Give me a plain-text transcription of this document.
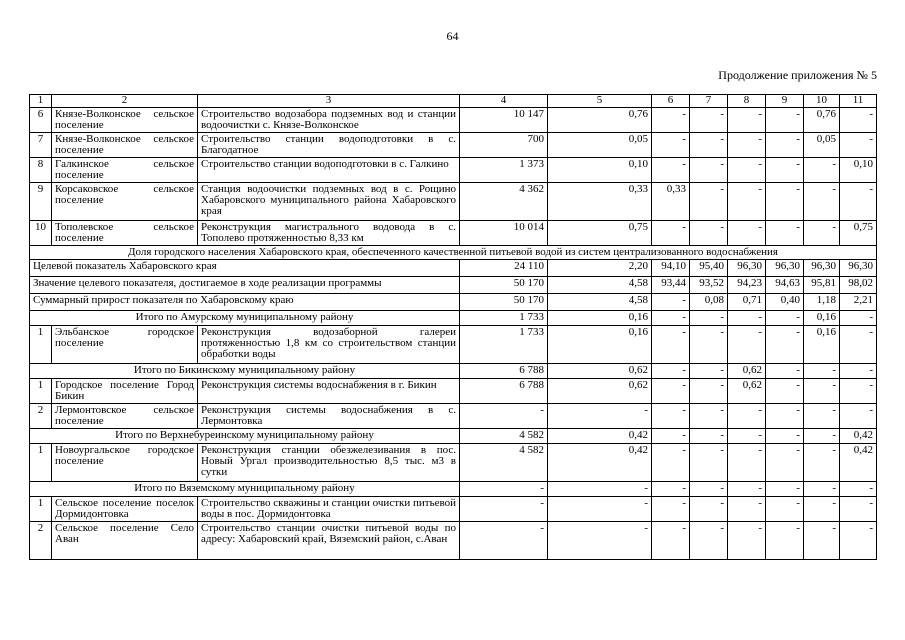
64
Продолжение приложения № 5
1	2	3	4	5	6	7	8	9	10	11
6	Князе-Волконское сельское поселение	Строительство водозабора подземных вод и станции водоочистки с. Князе-Волконское	10 147	0,76	-	-	-	-	0,76	-
7	Князе-Волконское сельское поселение	Строительство станции водоподготовки в с. Благодатное	700	0,05	-	-	-	-	0,05	-
8	Галкинское сельское поселение	Строительство станции водоподготовки в с. Галкино	1 373	0,10	-	-	-	-	-	0,10
9	Корсаковское сельское поселение	Станция водоочистки подземных вод в с. Рощино Хабаровского муниципального района Хабаровского края	4 362	0,33	0,33	-	-	-	-	-
10	Тополевское сельское поселение	Реконструкция магистрального водовода в с. Тополево протяженностью 8,33 км	10 014	0,75	-	-	-	-	-	0,75
Доля городского населения Хабаровского края, обеспеченного качественной питьевой водой из систем централизованного водоснабжения										
Целевой показатель Хабаровского края			24 110	2,20	94,10	95,40	96,30	96,30	96,30	96,30
Значение целевого показателя, достигаемое в ходе реализации программы			50 170	4,58	93,44	93,52	94,23	94,63	95,81	98,02
Суммарный прирост показателя по Хабаровскому краю			50 170	4,58	-	0,08	0,71	0,40	1,18	2,21
Итого по Амурскому муниципальному району			1 733	0,16	-	-	-	-	0,16	-
1	Эльбанское городское поселение	Реконструкция водозаборной галереи протяженностью 1,8 км со строительством станции обработки воды	1 733	0,16	-	-	-	-	0,16	-
Итого по Бикинскому муниципальному району			6 788	0,62	-	-	0,62	-	-	-
1	Городское поселение Город Бикин	Реконструкция системы водоснабжения в г. Бикин	6 788	0,62	-	-	0,62	-	-	-
2	Лермонтовское сельское поселение	Реконструкция системы водоснабжения в с. Лермонтовка	-	-	-	-	-	-	-	-
Итого по Верхнебуреинскому муниципальному району			4 582	0,42	-	-	-	-	-	0,42
1	Новоургальское городское поселение	Реконструкция станции обезжелезивания в пос. Новый Ургал производительностью 8,5 тыс. м3 в сутки	4 582	0,42	-	-	-	-	-	0,42
Итого по Вяземскому муниципальному району			-	-	-	-	-	-	-	-
1	Сельское поселение поселок Дормидонтовка	Строительство скважины и станции очистки питьевой воды в пос. Дормидонтовка	-	-	-	-	-	-	-	-
2	Сельское поселение Село Аван	Строительство станции очистки питьевой воды по адресу: Хабаровский край, Вяземский район, с.Аван	-	-	-	-	-	-	-	-
